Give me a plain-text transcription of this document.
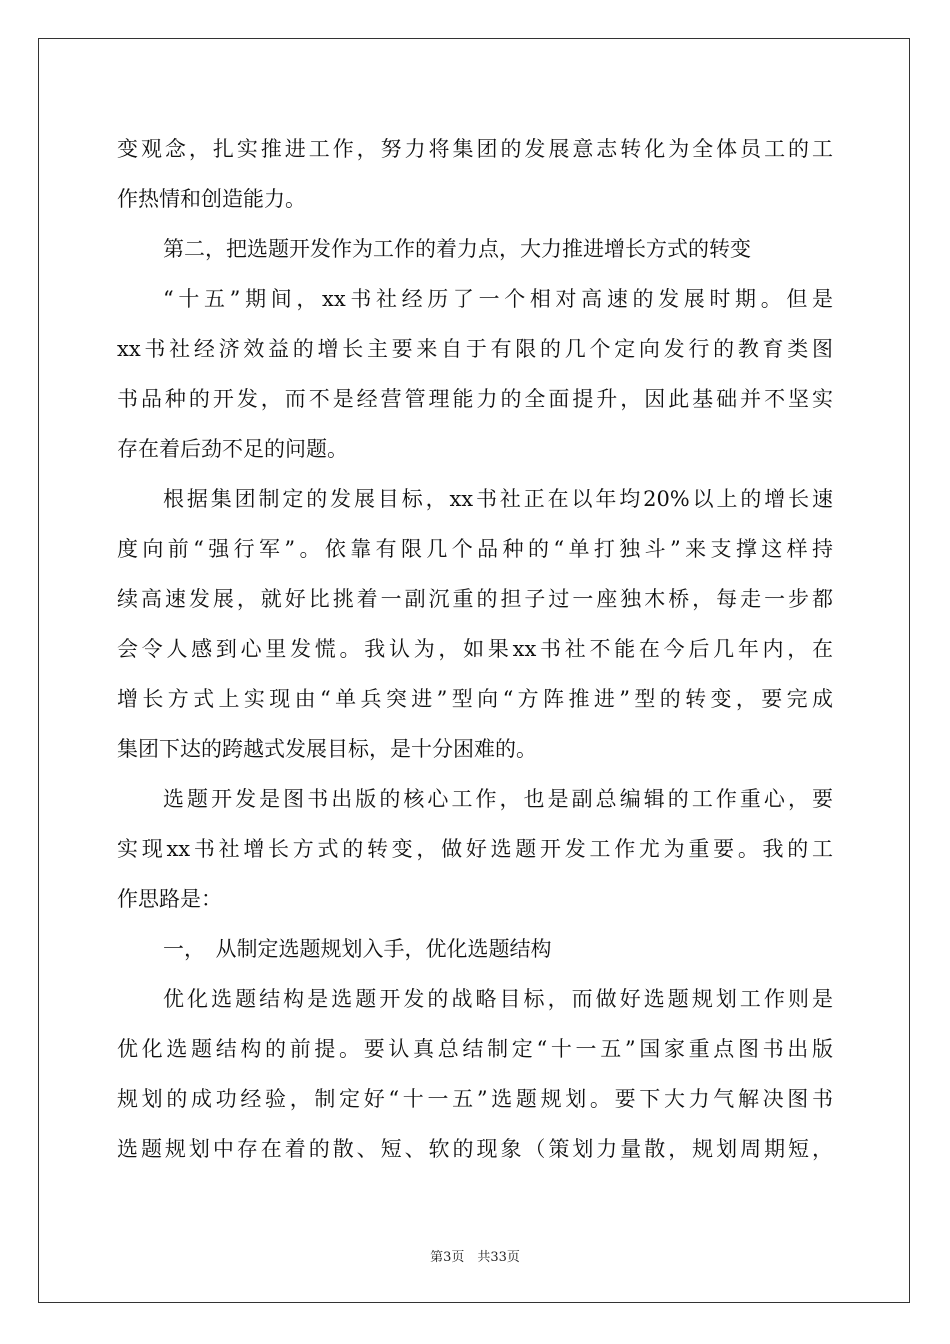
变观念，扎实推进工作，努力将集团的发展意志转化为全体员工的工
作热情和创造能力。
第二，把选题开发作为工作的着力点，大力推进增长方式的转变
“十五”期间，xx书社经历了一个相对高速的发展时期。但是
xx书社经济效益的增长主要来自于有限的几个定向发行的教育类图
书品种的开发，而不是经营管理能力的全面提升，因此基础并不坚实
存在着后劲不足的问题。
根据集团制定的发展目标，xx书社正在以年均20%以上的增长速
度向前“强行军”。依靠有限几个品种的“单打独斗”来支撑这样持
续高速发展，就好比挑着一副沉重的担子过一座独木桥，每走一步都
会令人感到心里发慌。我认为，如果xx书社不能在今后几年内，在
增长方式上实现由“单兵突进”型向“方阵推进”型的转变，要完成
集团下达的跨越式发展目标，是十分困难的。
选题开发是图书出版的核心工作，也是副总编辑的工作重心，要
实现xx书社增长方式的转变，做好选题开发工作尤为重要。我的工
作思路是：
一，　从制定选题规划入手，优化选题结构
优化选题结构是选题开发的战略目标，而做好选题规划工作则是
优化选题结构的前提。要认真总结制定“十一五”国家重点图书出版
规划的成功经验，制定好“十一五”选题规划。要下大力气解决图书
选题规划中存在着的散、短、软的现象（策划力量散，规划周期短，
第3页　共33页
